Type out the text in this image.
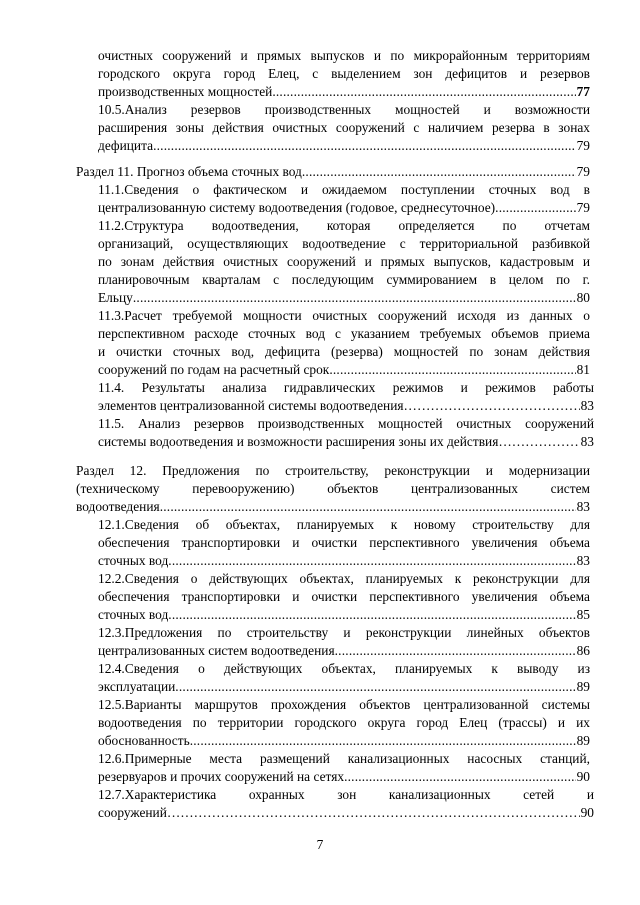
очистных сооружений и прямых выпусков и по микрорайонным территориям
городского округа город Елец, с выделением зон дефицитов и резервов
производственных мощностей .....	77
10.5.Анализ резервов производственных мощностей и возможности
расширения зоны действия очистных сооружений с наличием резерва в зонах
дефицита .....	79
Раздел 11. Прогноз объема сточных вод .....	79
11.1.Сведения о фактическом и ожидаемом поступлении сточных вод в
централизованную систему водоотведения (годовое, среднесуточное) .....	79
11.2.Структура водоотведения, которая определяется по отчетам
организаций, осуществляющих водоотведение с территориальной разбивкой
по зонам действия очистных сооружений и прямых выпусков, кадастровым и
планировочным кварталам с последующим суммированием в целом по г.
Ельцу .....	80
11.3.Расчет требуемой мощности очистных сооружений исходя из данных о
перспективном расходе сточных вод с указанием требуемых объемов приема
и очистки сточных вод, дефицита (резерва) мощностей по зонам действия
сооружений по годам на расчетный срок .....	81
11.4. Результаты анализа гидравлических режимов и режимов работы
элементов централизованной системы водоотведения ……………………………………………………………………………………………………………………………………………………………………………	83
11.5. Анализ резервов производственных мощностей очистных сооружений
системы водоотведения и возможности расширения зоны их действия ……………………………………………………………………………………………………………………………………………………………………………	83
Раздел 12. Предложения по строительству, реконструкции и модернизации
(техническому перевооружению) объектов централизованных систем
водоотведения .....	83
12.1.Сведения об объектах, планируемых к новому строительству для
обеспечения транспортировки и очистки перспективного увеличения объема
сточных вод .....	83
12.2.Сведения о действующих объектах, планируемых к реконструкции для
обеспечения транспортировки и очистки перспективного увеличения объема
сточных вод .....	85
12.3.Предложения по строительству и реконструкции линейных объектов
централизованных систем водоотведения .....	86
12.4.Сведения о действующих объектах, планируемых к выводу из
эксплуатации .....	89
12.5.Варианты маршрутов прохождения объектов централизованной системы
водоотведения по территории городского округа город Елец (трассы) и их
обоснованность .....	89
12.6.Примерные места размещений канализационных насосных станций,
резервуаров и прочих сооружений на сетях .....	90
12.7.Характеристика охранных зон канализационных сетей и
сооружений ……………………………………………………………………………………………………………………………………………………………………………	90
7
